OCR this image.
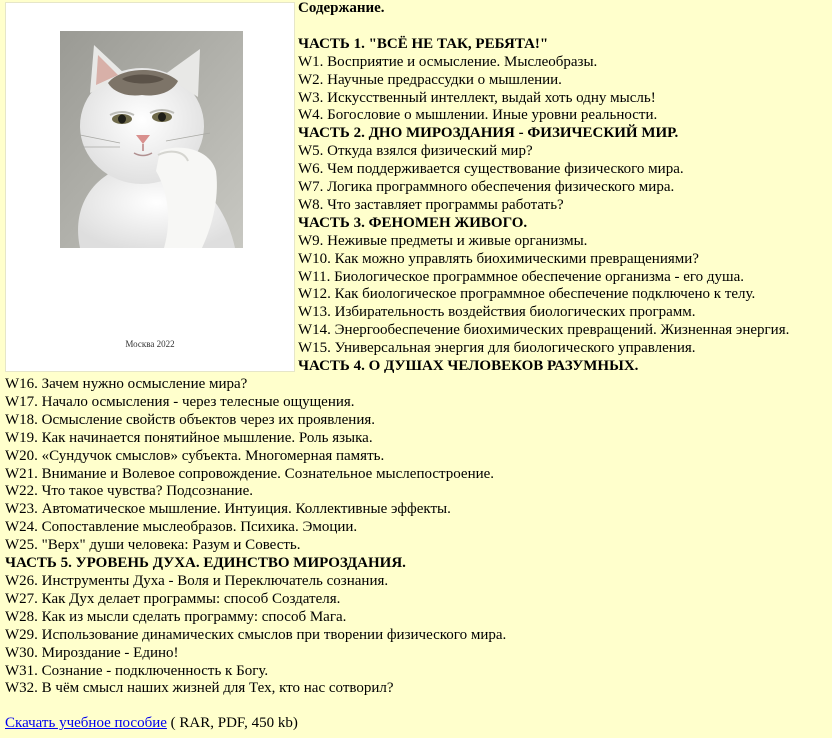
Москва 2022
Содержание.
ЧАСТЬ 1. "ВСЁ НЕ ТАК, РЕБЯТА!"
W1. Восприятие и осмысление. Мыслеобразы.
W2. Научные предрассудки о мышлении.
W3. Искусственный интеллект, выдай хоть одну мысль!
W4. Богословие о мышлении. Иные уровни реальности.
ЧАСТЬ 2. ДНО МИРОЗДАНИЯ - ФИЗИЧЕСКИЙ МИР.
W5. Откуда взялся физический мир?
W6. Чем поддерживается существование физического мира.
W7. Логика программного обеспечения физического мира.
W8. Что заставляет программы работать?
ЧАСТЬ 3. ФЕНОМЕН ЖИВОГО.
W9. Неживые предметы и живые организмы.
W10. Как можно управлять биохимическими превращениями?
W11. Биологическое программное обеспечение организма - его душа.
W12. Как биологическое программное обеспечение подключено к телу.
W13. Избирательность воздействия биологических программ.
W14. Энергообеспечение биохимических превращений. Жизненная энергия.
W15. Универсальная энергия для биологического управления.
ЧАСТЬ 4. О ДУШАХ ЧЕЛОВЕКОВ РАЗУМНЫХ.
W16. Зачем нужно осмысление мира?
W17. Начало осмысления - через телесные ощущения.
W18. Осмысление свойств объектов через их проявления.
W19. Как начинается понятийное мышление. Роль языка.
W20. «Сундучок смыслов» субъекта. Многомерная память.
W21. Внимание и Волевое сопровождение. Сознательное мыслепостроение.
W22. Что такое чувства? Подсознание.
W23. Автоматическое мышление. Интуиция. Коллективные эффекты.
W24. Сопоставление мыслеобразов. Психика. Эмоции.
W25. "Верх" души человека: Разум и Совесть.
ЧАСТЬ 5. УРОВЕНЬ ДУХА. ЕДИНСТВО МИРОЗДАНИЯ.
W26. Инструменты Духа - Воля и Переключатель сознания.
W27. Как Дух делает программы: способ Создателя.
W28. Как из мысли сделать программу: способ Мага.
W29. Использование динамических смыслов при творении физического мира.
W30. Мироздание - Едино!
W31. Сознание - подключенность к Богу.
W32. В чём смысл наших жизней для Тех, кто нас сотворил?
Скачать учебное пособие ( RAR, PDF, 450 kb)
